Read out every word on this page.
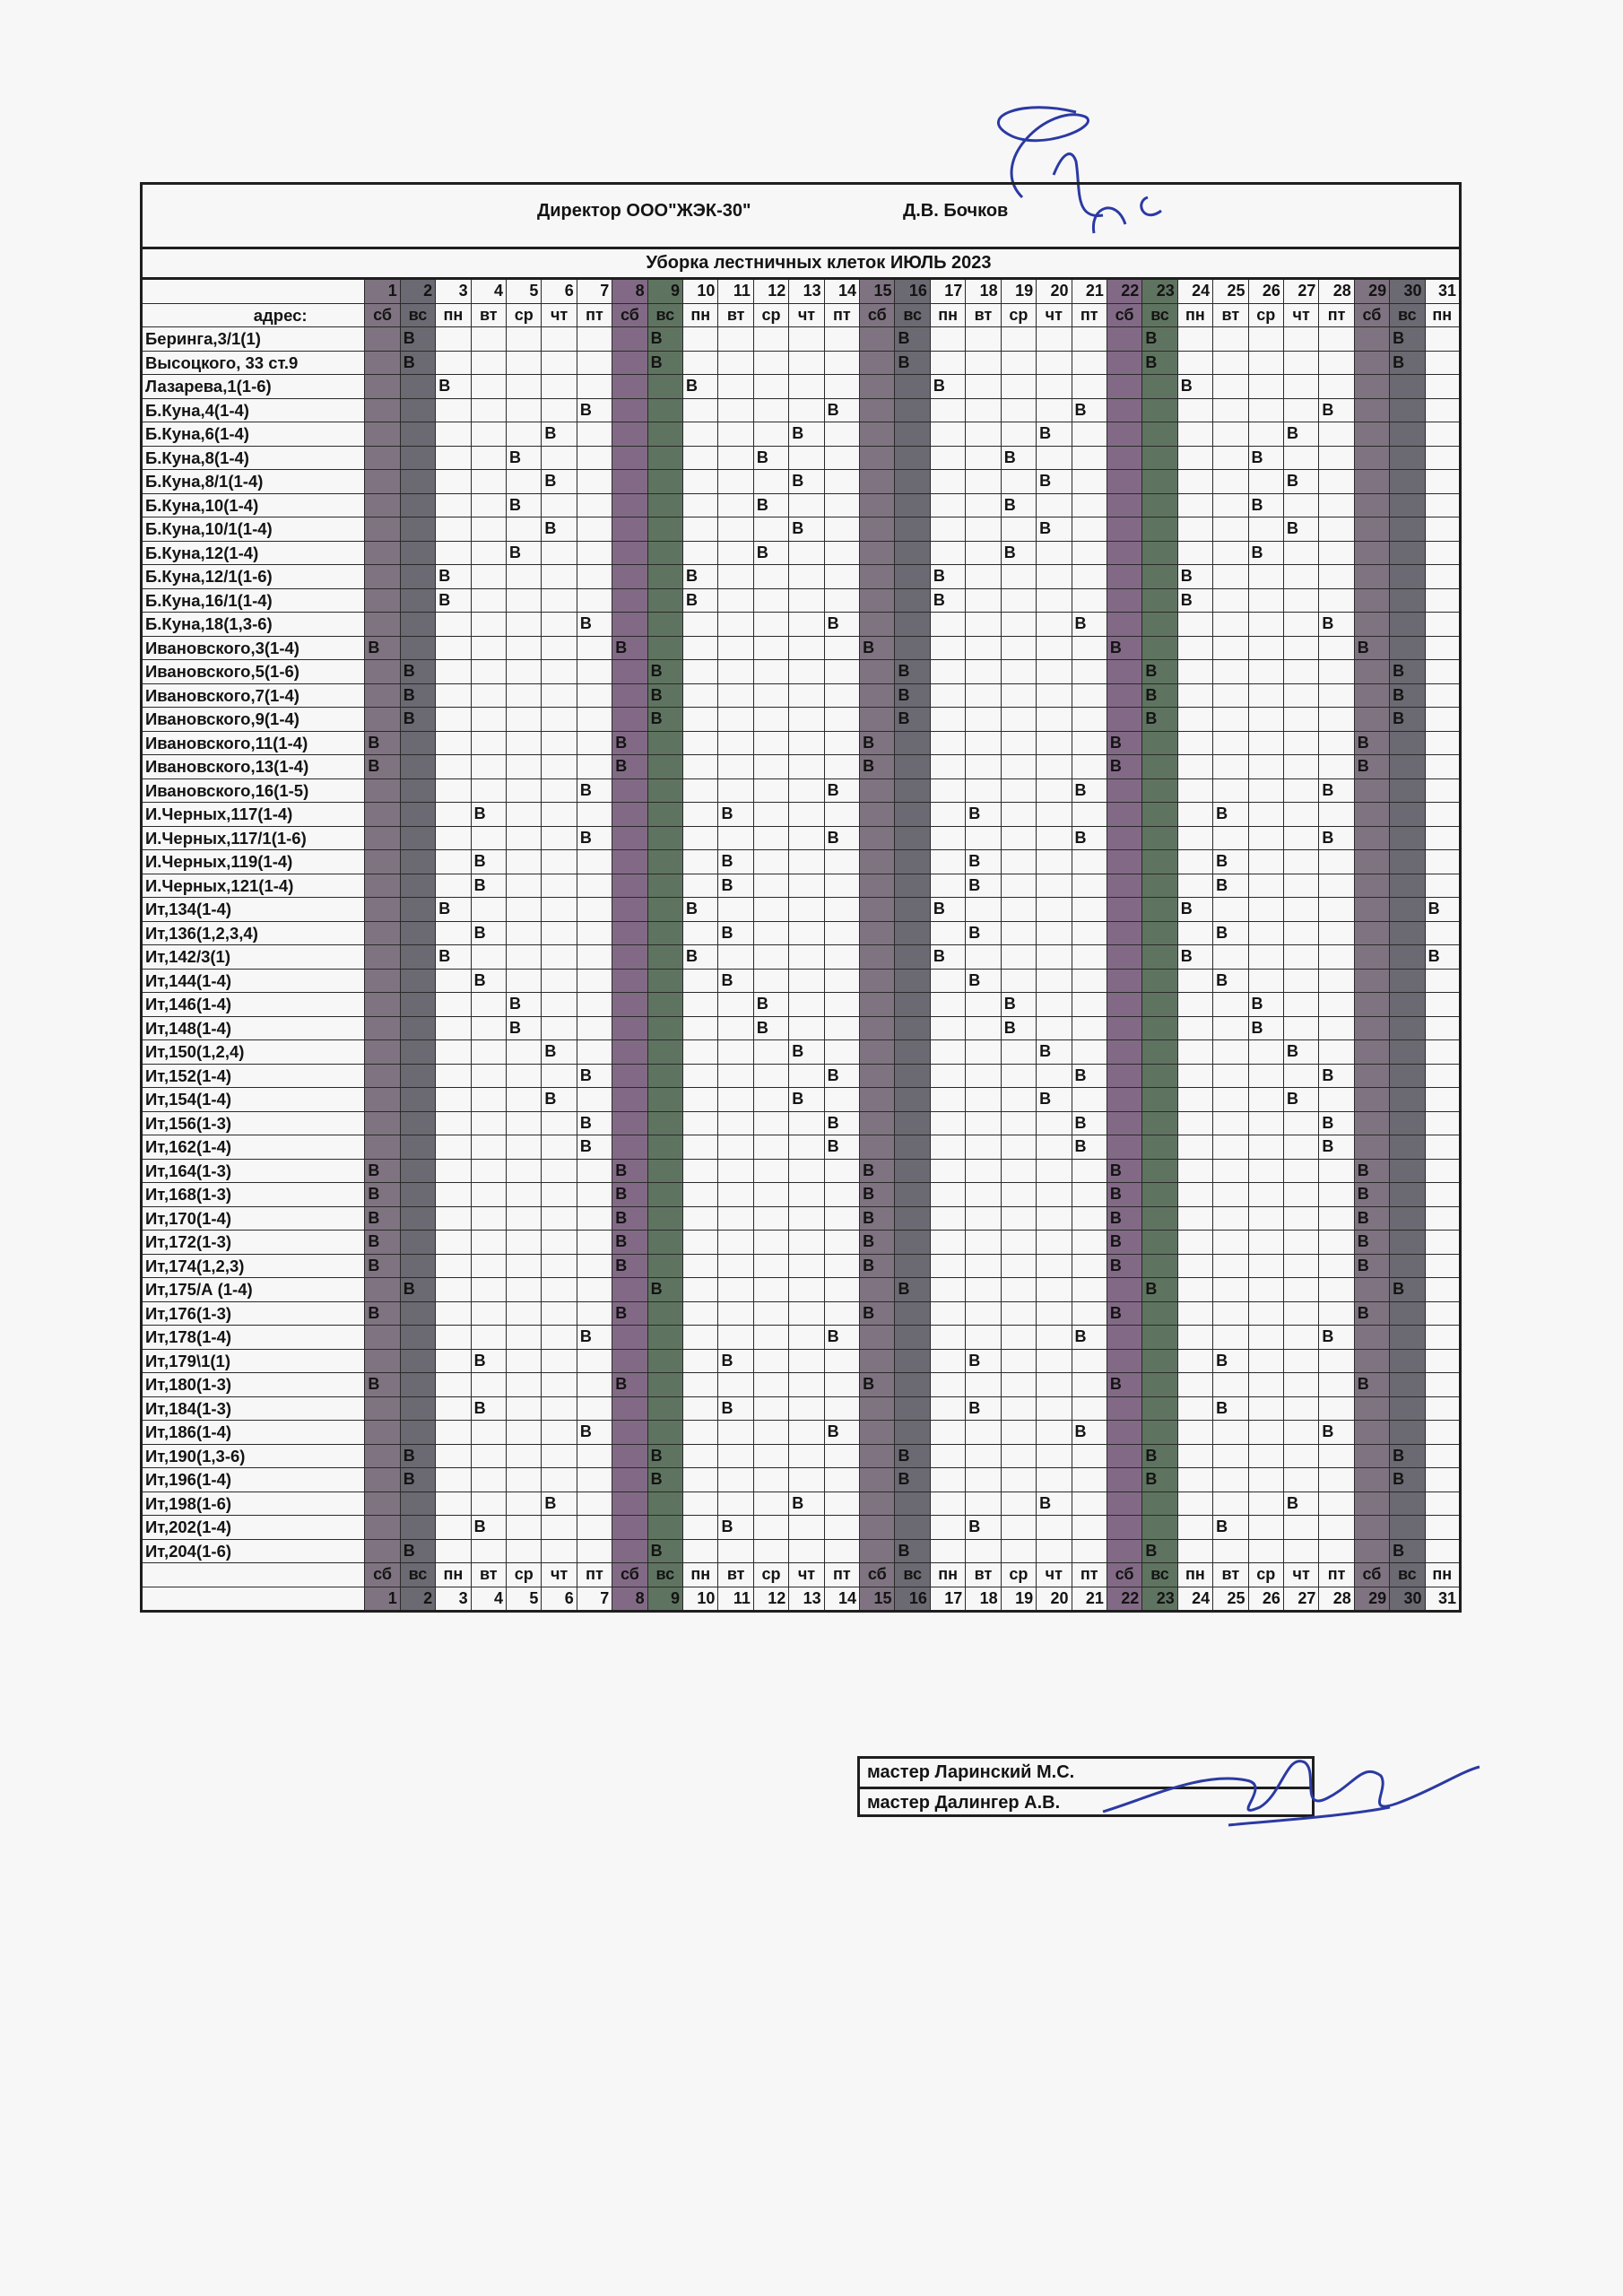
Директор ООО"ЖЭК-30"	Д.В. Бочков
Уборка лестничных клеток ИЮЛЬ 2023
	1	2	3	4	5	6	7	8	9	10	11	12	13	14	15	16	17	18	19	20	21	22	23	24	25	26	27	28	29	30	31
адрес:	сб	вс	пн	вт	ср	чт	пт	сб	вс	пн	вт	ср	чт	пт	сб	вс	пн	вт	ср	чт	пт	сб	вс	пн	вт	ср	чт	пт	сб	вс	пн
Беринга,3/1(1)		В							В							В							В							В	
Высоцкого, 33 ст.9		В							В							В							В							В	
Лазарева,1(1-6)			В							В							В							В							
Б.Куна,4(1-4)							В							В							В							В			
Б.Куна,6(1-4)						В							В							В							В				
Б.Куна,8(1-4)					В							В							В							В					
Б.Куна,8/1(1-4)						В							В							В							В				
Б.Куна,10(1-4)					В							В							В							В					
Б.Куна,10/1(1-4)						В							В							В							В				
Б.Куна,12(1-4)					В							В							В							В					
Б.Куна,12/1(1-6)			В							В							В							В							
Б.Куна,16/1(1-4)			В							В							В							В							
Б.Куна,18(1,3-6)							В							В							В							В			
Ивановского,3(1-4)	В							В							В							В							В		
Ивановского,5(1-6)		В							В							В							В							В	
Ивановского,7(1-4)		В							В							В							В							В	
Ивановского,9(1-4)		В							В							В							В							В	
Ивановского,11(1-4)	В							В							В							В							В		
Ивановского,13(1-4)	В							В							В							В							В		
Ивановского,16(1-5)							В							В							В							В			
И.Черных,117(1-4)				В							В							В							В						
И.Черных,117/1(1-6)							В							В							В							В			
И.Черных,119(1-4)				В							В							В							В						
И.Черных,121(1-4)				В							В							В							В						
Ит,134(1-4)			В							В							В							В							В
Ит,136(1,2,3,4)				В							В							В							В						
Ит,142/3(1)			В							В							В							В							В
Ит,144(1-4)				В							В							В							В						
Ит,146(1-4)					В							В							В							В					
Ит,148(1-4)					В							В							В							В					
Ит,150(1,2,4)						В							В							В							В				
Ит,152(1-4)							В							В							В							В			
Ит,154(1-4)						В							В							В							В				
Ит,156(1-3)							В							В							В							В			
Ит,162(1-4)							В							В							В							В			
Ит,164(1-3)	В							В							В							В							В		
Ит,168(1-3)	В							В							В							В							В		
Ит,170(1-4)	В							В							В							В							В		
Ит,172(1-3)	В							В							В							В							В		
Ит,174(1,2,3)	В							В							В							В							В		
Ит,175/А (1-4)		В							В							В							В							В	
Ит,176(1-3)	В							В							В							В							В		
Ит,178(1-4)							В							В							В							В			
Ит,179\1(1)				В							В							В							В						
Ит,180(1-3)	В							В							В							В							В		
Ит,184(1-3)				В							В							В							В						
Ит,186(1-4)							В							В							В							В			
Ит,190(1,3-6)		В							В							В							В							В	
Ит,196(1-4)		В							В							В							В							В	
Ит,198(1-6)						В							В							В							В				
Ит,202(1-4)				В							В							В							В						
Ит,204(1-6)		В							В							В							В							В	
	сб	вс	пн	вт	ср	чт	пт	сб	вс	пн	вт	ср	чт	пт	сб	вс	пн	вт	ср	чт	пт	сб	вс	пн	вт	ср	чт	пт	сб	вс	пн
	1	2	3	4	5	6	7	8	9	10	11	12	13	14	15	16	17	18	19	20	21	22	23	24	25	26	27	28	29	30	31
мастер Ларинский М.С.
мастер Далингер А.В.
